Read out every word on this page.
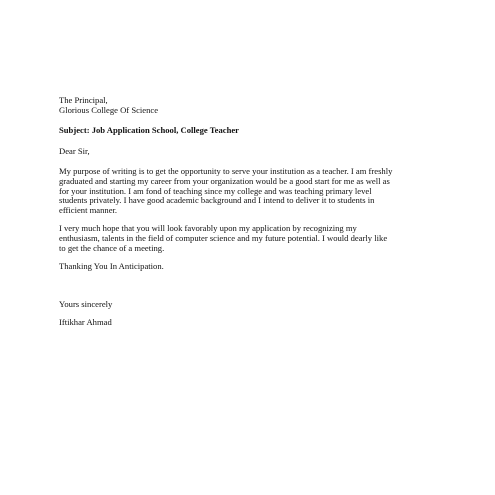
The Principal,
Glorious College Of Science
Subject: Job Application School, College Teacher
Dear Sir,
My purpose of writing is to get the opportunity to serve your institution as a teacher. I am freshly
graduated and starting my career from your organization would be a good start for me as well as
for your institution. I am fond of teaching since my college and was teaching primary level
students privately. I have good academic background and I intend to deliver it to students in
efficient manner.
I very much hope that you will look favorably upon my application by recognizing my
enthusiasm, talents in the field of computer science and my future potential. I would dearly like
to get the chance of a meeting.
Thanking You In Anticipation.
Yours sincerely
Iftikhar Ahmad
